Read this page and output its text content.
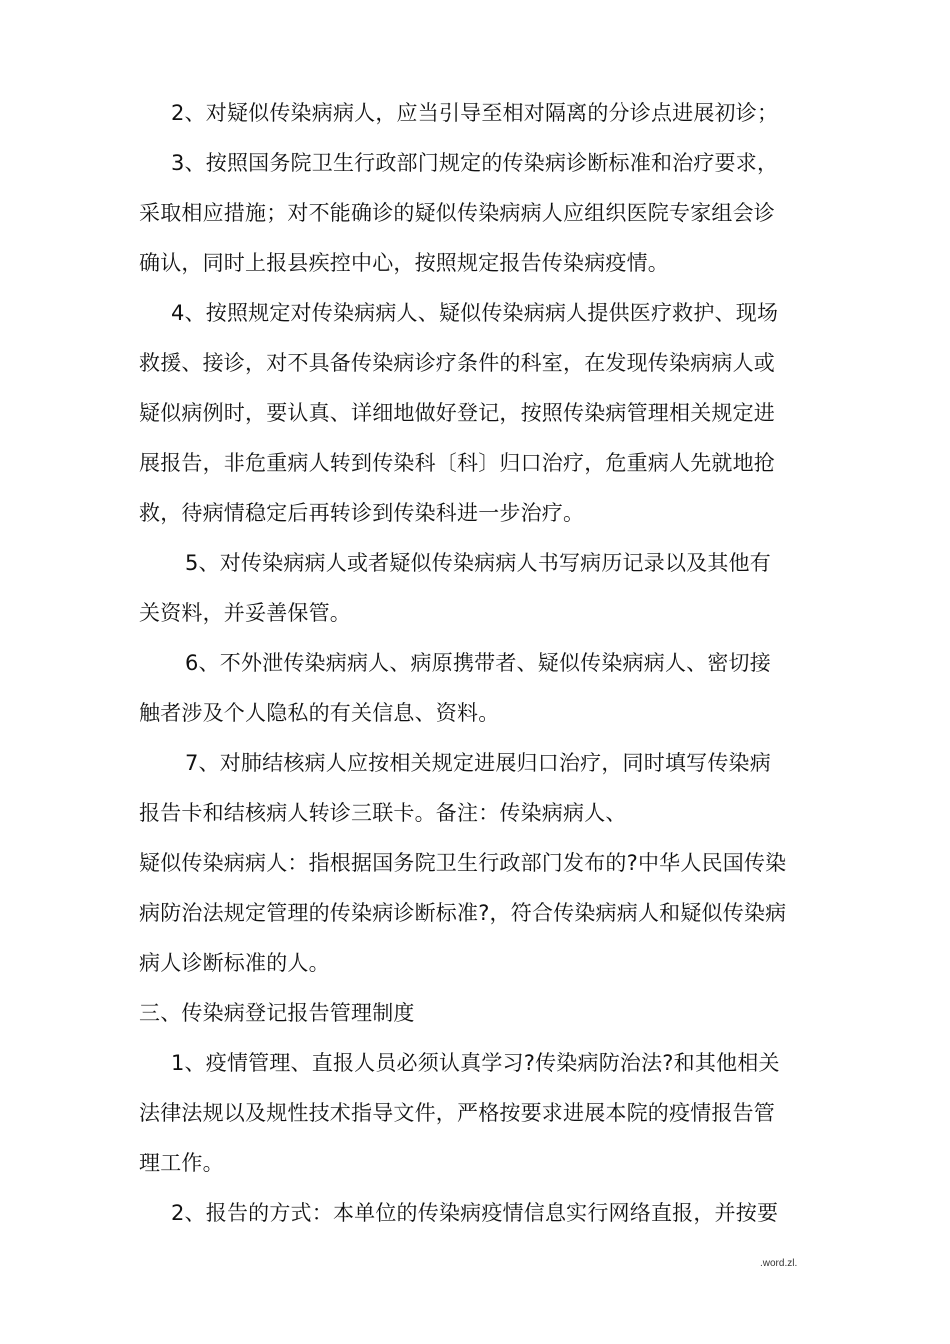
2、对疑似传染病病人，应当引导至相对隔离的分诊点进展初诊；
3、按照国务院卫生行政部门规定的传染病诊断标准和治疗要求，
采取相应措施；对不能确诊的疑似传染病病人应组织医院专家组会诊
确认，同时上报县疾控中心，按照规定报告传染病疫情。
4、按照规定对传染病病人、疑似传染病病人提供医疗救护、现场
救援、接诊，对不具备传染病诊疗条件的科室，在发现传染病病人或
疑似病例时，要认真、详细地做好登记，按照传染病管理相关规定进
展报告，非危重病人转到传染科〔科〕归口治疗，危重病人先就地抢
救，待病情稳定后再转诊到传染科进一步治疗。
5、对传染病病人或者疑似传染病病人书写病历记录以及其他有
关资料，并妥善保管。
6、不外泄传染病病人、病原携带者、疑似传染病病人、密切接
触者涉及个人隐私的有关信息、资料。
7、对肺结核病人应按相关规定进展归口治疗，同时填写传染病
报告卡和结核病人转诊三联卡。备注：传染病病人、
疑似传染病病人：指根据国务院卫生行政部门发布的?中华人民国传染
病防治法规定管理的传染病诊断标准?，符合传染病病人和疑似传染病
病人诊断标准的人。
三、传染病登记报告管理制度
1、疫情管理、直报人员必须认真学习?传染病防治法?和其他相关
法律法规以及规性技术指导文件，严格按要求进展本院的疫情报告管
理工作。
2、报告的方式：本单位的传染病疫情信息实行网络直报，并按要
.word.zl.
